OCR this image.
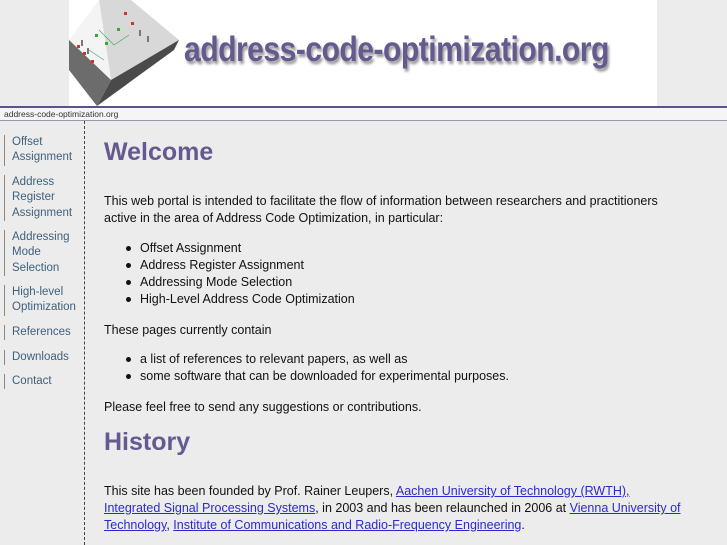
address-code-optimization.org
address-code-optimization.org
Offset
Assignment
Address
Register
Assignment
Addressing
Mode
Selection
High-level
Optimization
References
Downloads
Contact
Welcome

This web portal is intended to facilitate the flow of information between researchers and practitioners
active in the area of Address Code Optimization, in particular:

Offset Assignment
Address Register Assignment
Addressing Mode Selection
High-Level Address Code Optimization

These pages currently contain

a list of references to relevant papers, as well as
some software that can be downloaded for experimental purposes.

Please feel free to send any suggestions or contributions.

History

This site has been founded by Prof. Rainer Leupers, Aachen University of Technology (RWTH),
Integrated Signal Processing Systems, in 2003 and has been relaunched in 2006 at Vienna University of
Technology, Institute of Communications and Radio-Frequency Engineering.
